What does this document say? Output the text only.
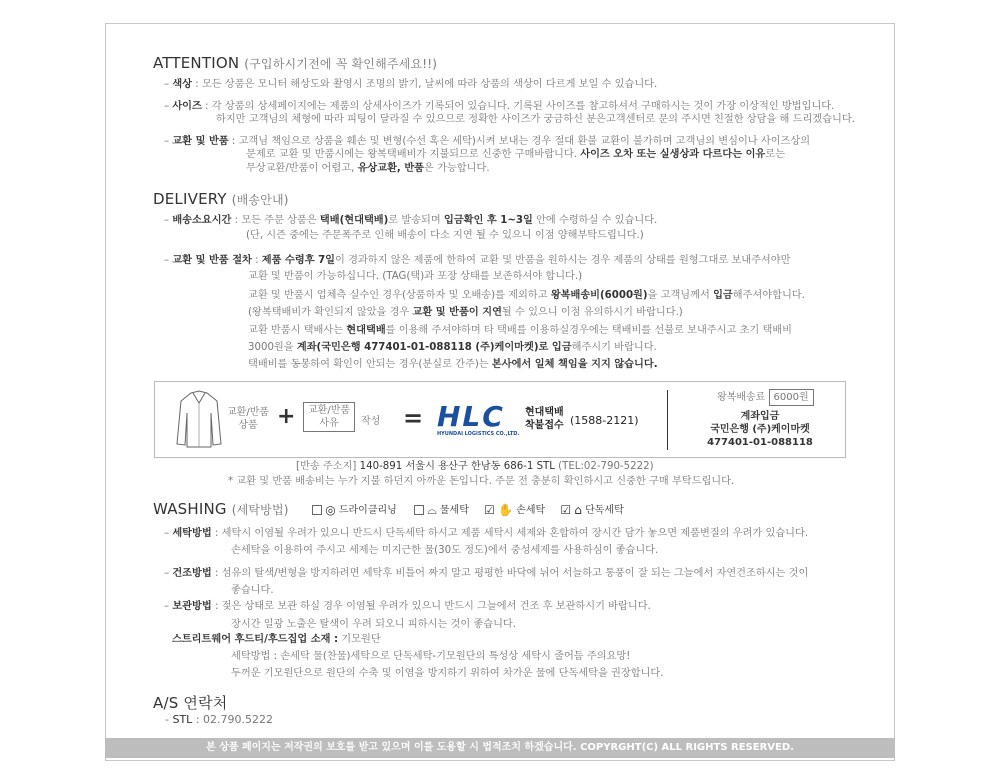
ATTENTION (구입하시기전에 꼭 확인해주세요!!)
– 색상 : 모든 상품은 모니터 해상도와 촬영시 조명의 밝기, 날씨에 따라 상품의 색상이 다르게 보일 수 있습니다.
– 사이즈 : 각 상품의 상세페이지에는 제품의 상세사이즈가 기록되어 있습니다. 기록된 사이즈를 참고하셔서 구매하시는 것이 가장 이상적인 방법입니다.
하지만 고객님의 체형에 따라 피팅이 달라질 수 있으므로 정확한 사이즈가 궁금하신 분은고객센터로 문의 주시면 친절한 상담을 해 드리겠습니다.
– 교환 및 반품 : 고객님 책임으로 상품을 훼손 및 변형(수선 혹은 세탁)시켜 보내는 경우 절대 환불 교환이 불가하며 고객님의 변심이나 사이즈상의
문제로 교환 및 반품시에는 왕복택배비가 지불되므로 신중한 구매바랍니다. 사이즈 오차 또는 실생상과 다르다는 이유로는
무상교환/반품이 어렵고, 유상교환, 반품은 가능합니다.
DELIVERY (배송안내)
– 배송소요시간 : 모든 주문 상품은 택배(현대택배)로 발송되며 입금확인 후 1~3일 안에 수령하실 수 있습니다.
(단, 시즌 중에는 주문폭주로 인해 배송이 다소 지연 될 수 있으니 이점 양해부탁드립니다.)
– 교환 및 반품 절차 : 제품 수령후 7일이 경과하지 않은 제품에 한하여 교환 및 반품을 원하시는 경우 제품의 상태를 원형그대로 보내주셔야만
교환 및 반품이 가능하십니다. (TAG(택)과 포장 상태를 보존하셔야 합니다.)
교환 및 반품시 업체측 실수인 경우(상품하자 및 오배송)를 제외하고 왕복배송비(6000원)을 고객님께서 입금해주셔야합니다.
(왕복택배비가 확인되지 않았을 경우 교환 및 반품이 지연될 수 있으니 이점 유의하시기 바랍니다.)
교환 반품시 택배사는 현대택배를 이용해 주셔야하며 타 택배를 이용하실경우에는 택배비를 선불로 보내주시고 초기 택배비
3000원을 계좌(국민은행 477401-01-088118 (주)케이마켓)로 입금해주시기 바랍니다.
택배비를 동봉하여 확인이 안되는 경우(분실로 간주)는 본사에서 일체 책임을 지지 않습니다.
교환/반품
상품 +	교환/반품
사유	작성 = HLC
HYUNDAI LOGISTICS CO.,LTD.
현대택배
착불접수 (1588-2121)
왕복배송료 6000원
계좌입금
국민은행 (주)케이마켓
477401-01-088118
[반송 주소지] 140-891 서울시 용산구 한남동 686-1 STL (TEL:02-790-5222)
* 교환 및 반품 배송비는 누가 지불 하던지 아까운 돈입니다. 주문 전 충분히 확인하시고 신중한 구매 부탁드립니다.
WASHING (세탁방법)	◎ 드라이클리닝	⌓ 물세탁 ☑ ✋ 손세탁 ☑ ⌂ 단독세탁
– 세탁방법 : 세탁시 이염될 우려가 있으니 반드시 단독세탁 하시고 제품 세탁시 세제와 혼합하여 장시간 담가 놓으면 제품변질의 우려가 있습니다.
손세탁을 이용하여 주시고 세제는 미지근한 물(30도 정도)에서 중성세제를 사용하심이 좋습니다.
– 건조방법 : 섬유의 탈색/변형을 방지하려면 세탁후 비틀어 짜지 말고 평평한 바닥에 뉘어 서늘하고 통풍이 잘 되는 그늘에서 자연건조하시는 것이
좋습니다.
– 보관방법 : 젖은 상태로 보관 하실 경우 이염될 우려가 있으니 반드시 그늘에서 건조 후 보관하시기 바랍니다.
장시간 일광 노출은 탈색이 우려 되오니 피하시는 것이 좋습니다.
스트리트웨어 후드티/후드집업 소재 : 기모원단
세탁방법 : 손세탁 물(찬물)세탁으로 단독세탁-기모원단의 특성상 세탁시 줄어듬 주의요망!
두꺼운 기모원단으로 원단의 수축 및 이염을 방지하기 위하여 차가운 물에 단독세탁을 권장합니다.
A/S 연락처
- STL : 02.790.5222
본 상품 페이지는 저작권의 보호를 받고 있으며 이를 도용할 시 법적조치 하겠습니다. COPYRGHT(C) ALL RIGHTS RESERVED.
